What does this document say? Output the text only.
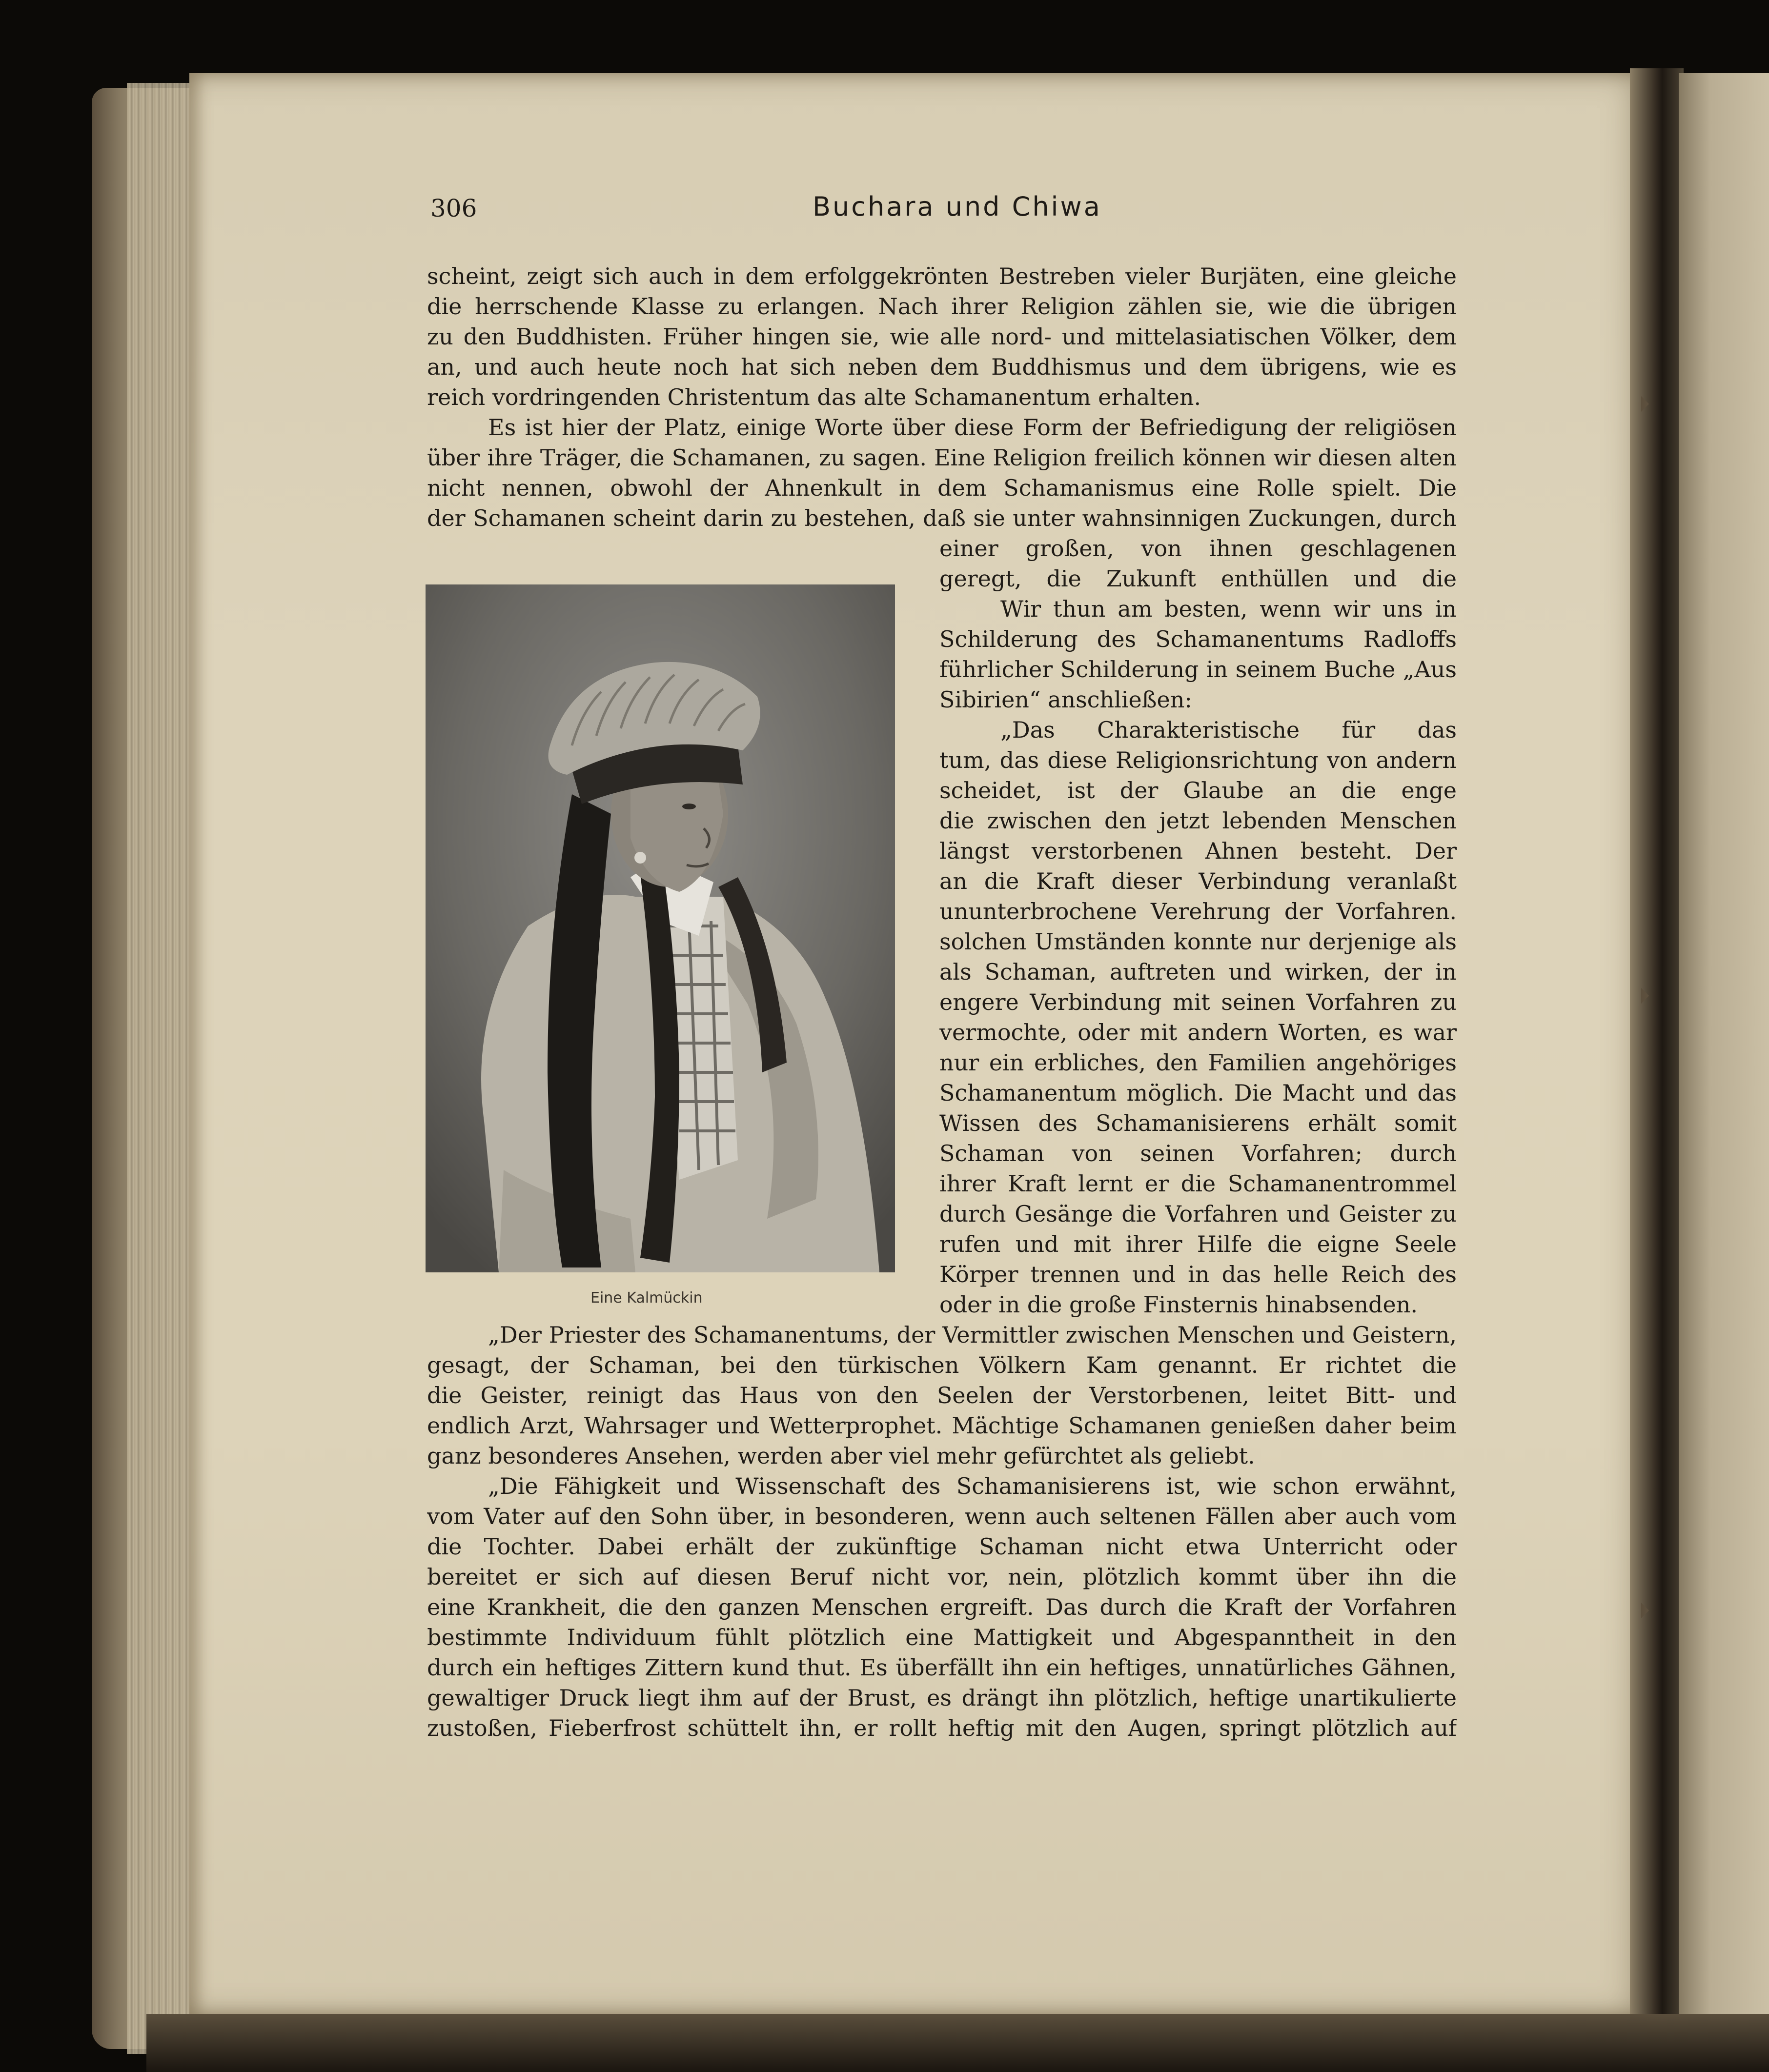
306	Buchara und Chiwa
scheint, zeigt sich auch in dem erfolggekrönten Bestreben vieler Burjäten, eine gleiche
die herrschende Klasse zu erlangen. Nach ihrer Religion zählen sie, wie die übrigen
zu den Buddhisten. Früher hingen sie, wie alle nord- und mittelasiatischen Völker, dem
an, und auch heute noch hat sich neben dem Buddhismus und dem übrigens, wie es
reich vordringenden Christentum das alte Schamanentum erhalten.
Es ist hier der Platz, einige Worte über diese Form der Befriedigung der religiösen
über ihre Träger, die Schamanen, zu sagen. Eine Religion freilich können wir diesen alten
nicht nennen, obwohl der Ahnenkult in dem Schamanismus eine Rolle spielt. Die
der Schamanen scheint darin zu bestehen, daß sie unter wahnsinnigen Zuckungen, durch
Eine Kalmückin
einer großen, von ihnen geschlagenen
geregt, die Zukunft enthüllen und die
Wir thun am besten, wenn wir uns in
Schilderung des Schamanentums Radloffs
führlicher Schilderung in seinem Buche „Aus
Sibirien“ anschließen:
„Das Charakteristische für das
tum, das diese Religionsrichtung von andern
scheidet, ist der Glaube an die enge
die zwischen den jetzt lebenden Menschen
längst verstorbenen Ahnen besteht. Der
an die Kraft dieser Verbindung veranlaßt
ununterbrochene Verehrung der Vorfahren.
solchen Umständen konnte nur derjenige als
als Schaman, auftreten und wirken, der in
engere Verbindung mit seinen Vorfahren zu
vermochte, oder mit andern Worten, es war
nur ein erbliches, den Familien angehöriges
Schamanentum möglich. Die Macht und das
Wissen des Schamanisierens erhält somit
Schaman von seinen Vorfahren; durch
ihrer Kraft lernt er die Schamanentrommel
durch Gesänge die Vorfahren und Geister zu
rufen und mit ihrer Hilfe die eigne Seele
Körper trennen und in das helle Reich des
oder in die große Finsternis hinabsenden.
„Der Priester des Schamanentums, der Vermittler zwischen Menschen und Geistern,
gesagt, der Schaman, bei den türkischen Völkern Kam genannt. Er richtet die
die Geister, reinigt das Haus von den Seelen der Verstorbenen, leitet Bitt- und
endlich Arzt, Wahrsager und Wetterprophet. Mächtige Schamanen genießen daher beim
ganz besonderes Ansehen, werden aber viel mehr gefürchtet als geliebt.
„Die Fähigkeit und Wissenschaft des Schamanisierens ist, wie schon erwähnt,
vom Vater auf den Sohn über, in besonderen, wenn auch seltenen Fällen aber auch vom
die Tochter. Dabei erhält der zukünftige Schaman nicht etwa Unterricht oder
bereitet er sich auf diesen Beruf nicht vor, nein, plötzlich kommt über ihn die
eine Krankheit, die den ganzen Menschen ergreift. Das durch die Kraft der Vorfahren
bestimmte Individuum fühlt plötzlich eine Mattigkeit und Abgespanntheit in den
durch ein heftiges Zittern kund thut. Es überfällt ihn ein heftiges, unnatürliches Gähnen,
gewaltiger Druck liegt ihm auf der Brust, es drängt ihn plötzlich, heftige unartikulierte
zustoßen, Fieberfrost schüttelt ihn, er rollt heftig mit den Augen, springt plötzlich auf
